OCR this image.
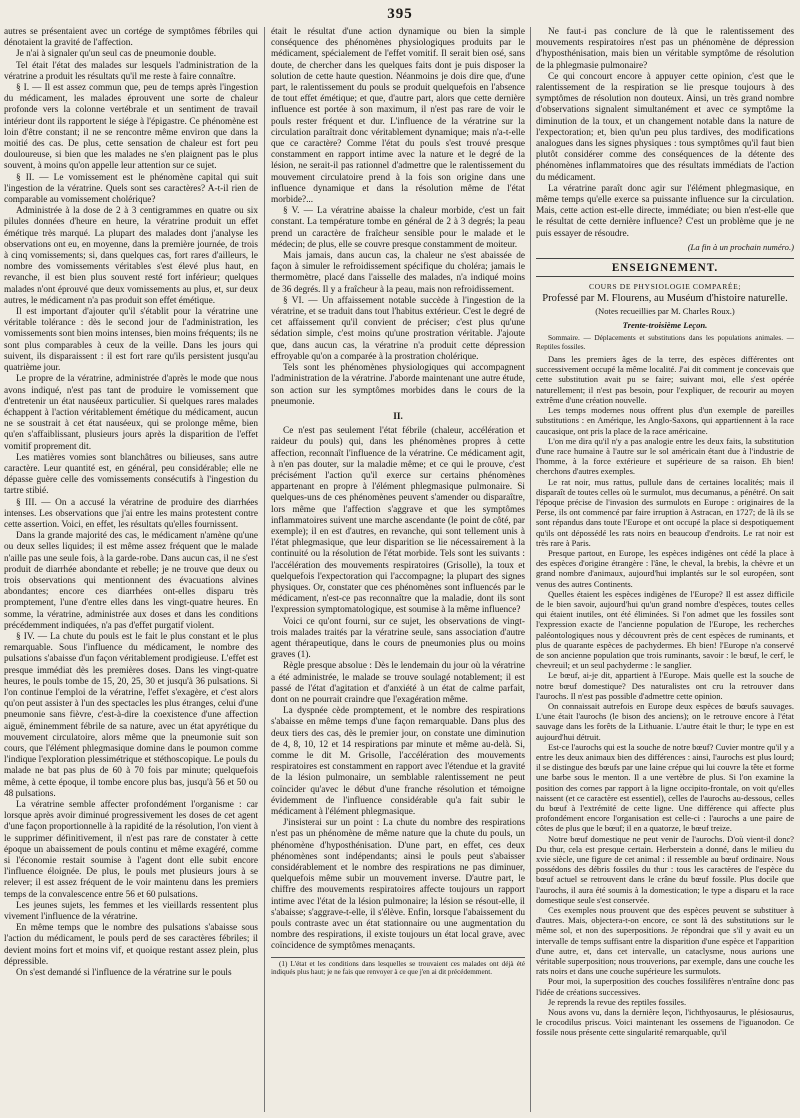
395

autres se présentaient avec un cortége de symptômes fébriles qui dénotaient la gravité de l'affection.

Je n'ai à signaler qu'un seul cas de pneumonie double.

Tel était l'état des malades sur lesquels l'administration de la vératrine a produit les résultats qu'il me reste à faire connaître.

§ I. — Il est assez commun que, peu de temps après l'ingestion du médicament, les malades éprouvent une sorte de chaleur profonde vers la colonne vertébrale et un sentiment de travail intérieur dont ils rapportent le siége à l'épigastre. Ce phénomène est loin d'être constant; il ne se rencontre même environ que dans la moitié des cas. De plus, cette sensation de chaleur est fort peu douloureuse, si bien que les malades ne s'en plaignent pas le plus souvent, à moins qu'on appelle leur attention sur ce sujet.

§ II. — Le vomissement est le phénomène capital qui suit l'ingestion de la vératrine. Quels sont ses caractères? A-t-il rien de comparable au vomissement cholérique?

Administrée à la dose de 2 à 3 centigrammes en quatre ou six pilules données d'heure en heure, la vératrine produit un effet émétique très marqué. La plupart des malades dont j'analyse les observations ont eu, en moyenne, dans la première journée, de trois à cinq vomissements; si, dans quelques cas, fort rares d'ailleurs, le nombre des vomissements véritables s'est élevé plus haut, en revanche, il est bien plus souvent resté fort inférieur; quelques malades n'ont éprouvé que deux vomissements au plus, et, sur deux autres, le médicament n'a pas produit son effet émétique.

Il est important d'ajouter qu'il s'établit pour la vératrine une véritable tolérance : dès le second jour de l'administration, les vomissements sont bien moins intenses, bien moins fréquents; ils ne sont plus comparables à ceux de la veille. Dans les jours qui suivent, ils disparaissent : il est fort rare qu'ils persistent jusqu'au quatrième jour.

Le propre de la vératrine, administrée d'après le mode que nous avons indiqué, n'est pas tant de produire le vomissement que d'entretenir un état nauséeux particulier. Si quelques rares malades échappent à l'action véritablement émétique du médicament, aucun ne se soustrait à cet état nauséeux, qui se prolonge même, bien qu'en s'affaiblissant, plusieurs jours après la disparition de l'effet vomitif proprement dit.

Les matières vomies sont blanchâtres ou bilieuses, sans autre caractère. Leur quantité est, en général, peu considérable; elle ne dépasse guère celle des vomissements consécutifs à l'ingestion du tartre stibié.

§ III. — On a accusé la vératrine de produire des diarrhées intenses. Les observations que j'ai entre les mains protestent contre cette assertion. Voici, en effet, les résultats qu'elles fournissent.

Dans la grande majorité des cas, le médicament n'amène qu'une ou deux selles liquides; il est même assez fréquent que le malade n'aille pas une seule fois, à la garde-robe. Dans aucun cas, il ne s'est produit de diarrhée abondante et rebelle; je ne trouve que deux ou trois observations qui mentionnent des évacuations alvines abondantes; encore ces diarrhées ont-elles disparu très promptement, l'une d'entre elles dans les vingt-quatre heures. En somme, la vératrine, administrée aux doses et dans les conditions précédemment indiquées, n'a pas d'effet purgatif violent.

§ IV. — La chute du pouls est le fait le plus constant et le plus remarquable. Sous l'influence du médicament, le nombre des pulsations s'abaisse d'un façon véritablement prodigieuse. L'effet est presque immédiat dès les premières doses. Dans les vingt-quatre heures, le pouls tombe de 15, 20, 25, 30 et jusqu'à 36 pulsations. Si l'on continue l'emploi de la vératrine, l'effet s'exagère, et c'est alors qu'on peut assister à l'un des spectacles les plus étranges, celui d'une pneumonie sans fièvre, c'est-à-dire la coexistence d'une affection aiguë, éminemment fébrile de sa nature, avec un état apyrétique du mouvement circulatoire, alors même que la pneumonie suit son cours, que l'élément phlegmasique domine dans le poumon comme l'indique l'exploration plessimétrique et stéthoscopique. Le pouls du malade ne bat pas plus de 60 à 70 fois par minute; quelquefois même, à cette époque, il tombe encore plus bas, jusqu'à 56 et 50 ou 48 pulsations.

La vératrine semble affecter profondément l'organisme : car lorsque après avoir diminué progressivement les doses de cet agent d'une façon proportionnelle à la rapidité de la résolution, l'on vient à le supprimer définitivement, il n'est pas rare de constater à cette époque un abaissement de pouls continu et même exagéré, comme si l'économie restait soumise à l'agent dont elle subit encore l'influence éloignée. De plus, le pouls met plusieurs jours à se relever; il est assez fréquent de le voir maintenu dans les premiers temps de la convalescence entre 56 et 60 pulsations.

Les jeunes sujets, les femmes et les vieillards ressentent plus vivement l'influence de la vératrine.

En même temps que le nombre des pulsations s'abaisse sous l'action du médicament, le pouls perd de ses caractères fébriles; il devient moins fort et moins vif, et quoique restant assez plein, plus dépressible.

On s'est demandé si l'influence de la vératrine sur le pouls

était le résultat d'une action dynamique ou bien la simple conséquence des phénomènes physiologiques produits par le médicament, spécialement de l'effet vomitif. Il serait bien osé, sans doute, de chercher dans les quelques faits dont je puis disposer la solution de cette haute question. Néanmoins je dois dire que, d'une part, le ralentissement du pouls se produit quelquefois en l'absence de tout effet émétique; et que, d'autre part, alors que cette dernière influence est portée à son maximum, il n'est pas rare de voir le pouls rester fréquent et dur. L'influence de la vératrine sur la circulation paraîtrait donc véritablement dynamique; mais n'a-t-elle que ce caractère? Comme l'état du pouls s'est trouvé presque constamment en rapport intime avec la nature et le degré de la lésion, ne serait-il pas rationnel d'admettre que le ralentissement du mouvement circulatoire prend à la fois son origine dans une influence dynamique et dans la résolution même de l'état morbide?...

§ V. — La vératrine abaisse la chaleur morbide, c'est un fait constant. La température tombe en général de 2 à 3 degrés; la peau prend un caractère de fraîcheur sensible pour le malade et le médecin; de plus, elle se couvre presque constamment de moiteur.

Mais jamais, dans aucun cas, la chaleur ne s'est abaissée de façon à simuler le refroidissement spécifique du choléra; jamais le thermomètre, placé dans l'aisselle des malades, n'a indiqué moins de 36 degrés. Il y a fraîcheur à la peau, mais non refroidissement.

§ VI. — Un affaissement notable succède à l'ingestion de la vératrine, et se traduit dans tout l'habitus extérieur. C'est le degré de cet affaissement qu'il convient de préciser; c'est plus qu'une sédation simple, c'est moins qu'une prostration véritable. J'ajoute que, dans aucun cas, la vératrine n'a produit cette dépression effroyable qu'on a comparée à la prostration cholérique.

Tels sont les phénomènes physiologiques qui accompagnent l'administration de la vératrine. J'aborde maintenant une autre étude, son action sur les symptômes morbides dans le cours de la pneumonie.

II.

Ce n'est pas seulement l'état fébrile (chaleur, accélération et raideur du pouls) qui, dans les phénomènes propres à cette affection, reconnaît l'influence de la vératrine. Ce médicament agit, à n'en pas douter, sur la maladie même; et ce qui le prouve, c'est précisément l'action qu'il exerce sur certains phénomènes appartenant en propre à l'élément phlegmasique pulmonaire. Si quelques-uns de ces phénomènes peuvent s'amender ou disparaître, lors même que l'affection s'aggrave et que les symptômes inflammatoires suivent une marche ascendante (le point de côté, par exemple); il en est d'autres, en revanche, qui sont tellement unis à l'état phlegmasique, que leur disparition se lie nécessairement à la continuité ou la résolution de l'état morbide. Tels sont les suivants : l'accélération des mouvements respiratoires (Grisolle), la toux et quelquefois l'expectoration qui l'accompagne; la plupart des signes physiques. Or, constater que ces phénomènes sont influencés par le médicament, n'est-ce pas reconnaître que la maladie, dont ils sont l'expression symptomatologique, est soumise à la même influence?

Voici ce qu'ont fourni, sur ce sujet, les observations de vingt-trois malades traités par la vératrine seule, sans association d'autre agent thérapeutique, dans le cours de pneumonies plus ou moins graves (1).

Règle presque absolue : Dès le lendemain du jour où la vératrine a été administrée, le malade se trouve soulagé notablement; il est passé de l'état d'agitation et d'anxiété à un état de calme parfait, dont on ne pourrait craindre que l'exagération même.

La dyspnée cède promptement, et le nombre des respirations s'abaisse en même temps d'une façon remarquable. Dans plus des deux tiers des cas, dès le premier jour, on constate une diminution de 4, 8, 10, 12 et 14 respirations par minute et même au-delà. Si, comme le dit M. Grisolle, l'accélération des mouvements respiratoires est constamment en rapport avec l'étendue et la gravité de la lésion pulmonaire, un semblable ralentissement ne peut coïncider qu'avec le début d'une franche résolution et témoigne évidemment de l'influence considérable qu'a fait subir le médicament à l'élément phlegmasique.

J'insisterai sur un point : La chute du nombre des respirations n'est pas un phénomène de même nature que la chute du pouls, un phénomène d'hyposthénisation. D'une part, en effet, ces deux phénomènes sont indépendants; ainsi le pouls peut s'abaisser considérablement et le nombre des respirations ne pas diminuer, quelquefois même subir un mouvement inverse. D'autre part, le chiffre des mouvements respiratoires affecte toujours un rapport intime avec l'état de la lésion pulmonaire; la lésion se résout-elle, il s'abaisse; s'aggrave-t-elle, il s'élève. Enfin, lorsque l'abaissement du pouls contraste avec un état stationnaire ou une augmentation du nombre des respirations, il existe toujours un état local grave, avec coïncidence de symptômes menaçants.

(1) L'état et les conditions dans lesquelles se trouvaient ces malades ont déjà été indiqués plus haut; je ne fais que renvoyer à ce que j'en ai dit précédemment.

Ne faut-i pas conclure de là que le ralentissement des mouvements respiratoires n'est pas un phénomène de dépression d'hyposthénisation, mais bien un véritable symptôme de résolution de la phlegmasie pulmonaire?

Ce qui concourt encore à appuyer cette opinion, c'est que le ralentissement de la respiration se lie presque toujours à des symptômes de résolution non douteux. Ainsi, un très grand nombre d'observations signalent simultanément et avec ce symptôme la diminution de la toux, et un changement notable dans la nature de l'expectoration; et, bien qu'un peu plus tardives, des modifications analogues dans les signes physiques : tous symptômes qu'il faut bien plutôt considérer comme des conséquences de la détente des phénomènes inflammatoires que des résultats immédiats de l'action du médicament.

La vératrine paraît donc agir sur l'élément phlegmasique, en même temps qu'elle exerce sa puissante influence sur la circulation. Mais, cette action est-elle directe, immédiate; ou bien n'est-elle que le résultat de cette dernière influence? C'est un problème que je ne puis essayer de résoudre.

(La fin à un prochain numéro.)
ENSEIGNEMENT.
COURS DE PHYSIOLOGIE COMPARÉE;
Professé par M. Flourens, au Muséum d'histoire naturelle.
(Notes recueillies par M. Charles Roux.)
Trente-troisième Leçon.

Sommaire. — Déplacements et substitutions dans les populations animales. — Reptiles fossiles.

Dans les premiers âges de la terre, des espèces différentes ont successivement occupé la même localité. J'ai dit comment je concevais que cette substitution avait pu se faire; suivant moi, elle s'est opérée naturellement; il n'est pas besoin, pour l'expliquer, de recourir au moyen extrême d'une création nouvelle.

Les temps modernes nous offrent plus d'un exemple de pareilles substitutions : en Amérique, les Anglo-Saxons, qui appartiennent à la race caucasique, ont pris la place de la race américaine.

L'on me dira qu'il n'y a pas analogie entre les deux faits, la substitution d'une race humaine à l'autre sur le sol américain étant due à l'industrie de l'homme, à la force extérieure et supérieure de sa raison. Eh bien! cherchons d'autres exemples.

Le rat noir, mus rattus, pullule dans de certaines localités; mais il disparaît de toutes celles où le surmulot, mus decumanus, a pénétré. On sait l'époque précise de l'invasion des surmulots en Europe : originaires de la Perse, ils ont commencé par faire irruption à Astracan, en 1727; de là ils se sont répandus dans toute l'Europe et ont occupé la place si despotiquement qu'ils ont dépossédé les rats noirs en beaucoup d'endroits. Le rat noir est très rare à Paris.

Presque partout, en Europe, les espèces indigènes ont cédé la place à des espèces d'origine étrangère : l'âne, le cheval, la brebis, la chèvre et un grand nombre d'animaux, aujourd'hui implantés sur le sol européen, sont venus des autres Continents.

Quelles étaient les espèces indigènes de l'Europe? Il est assez difficile de le bien savoir, aujourd'hui qu'un grand nombre d'espèces, toutes celles qui étaient inutiles, ont été éliminées. Si l'on admet que les fossiles sont l'expression exacte de l'ancienne population de l'Europe, les recherches paléontologiques nous y découvrent près de cent espèces de ruminants, et plus de quarante espèces de pachydermes. Eh bien! l'Europe n'a conservé de son ancienne population que trois ruminants, savoir : le bœuf, le cerf, le chevreuil; et un seul pachyderme : le sanglier.

Le bœuf, ai-je dit, appartient à l'Europe. Mais quelle est la souche de notre bœuf domestique? Des naturalistes ont cru la retrouver dans l'aurochs. Il n'est pas possible d'admettre cette opinion.

On connaissait autrefois en Europe deux espèces de bœufs sauvages. L'une était l'aurochs (le bison des anciens); on le retrouve encore à l'état sauvage dans les forêts de la Lithuanie. L'autre était le thur; le type en est aujourd'hui détruit.

Est-ce l'aurochs qui est la souche de notre bœuf? Cuvier montre qu'il y a entre les deux animaux bien des différences : ainsi, l'aurochs est plus lourd; il se distingue des bœufs par une laine crépue qui lui couvre la tête et forme une barbe sous le menton. Il a une vertèbre de plus. Si l'on examine la position des cornes par rapport à la ligne occipito-frontale, on voit qu'elles naissent (et ce caractère est essentiel), celles de l'aurochs au-dessous, celles du bœuf à l'extrémité de cette ligne. Une différence qui affecte plus profondément encore l'organisation est celle-ci : l'aurochs a une paire de côtes de plus que le bœuf; il en a quatorze, le bœuf treize.

Notre bœuf domestique ne peut venir de l'aurochs. D'où vient-il donc? Du thur, cela est presque certain. Herberstein a donné, dans le milieu du xvie siècle, une figure de cet animal : il ressemble au bœuf ordinaire. Nous possédons des débris fossiles du thur : tous les caractères de l'espèce du bœuf actuel se retrouvent dans le crâne du bœuf fossile. Plus docile que l'aurochs, il aura été soumis à la domestication; le type a disparu et la race domestique seule s'est conservée.

Ces exemples nous prouvent que des espèces peuvent se substituer à d'autres. Mais, objectera-t-on encore, ce sont là des substitutions sur le même sol, et non des superpositions. Je répondrai que s'il y avait eu un intervalle de temps suffisant entre la disparition d'une espèce et l'apparition d'une autre, et, dans cet intervalle, un cataclysme, nous aurions une véritable superposition; nous trouverions, par exemple, dans une couche les rats noirs et dans une couche supérieure les surmulots.

Pour moi, la superposition des couches fossilifères n'entraîne donc pas l'idée de créations successives.

Je reprends la revue des reptiles fossiles.

Nous avons vu, dans la dernière leçon, l'ichthyosaurus, le plésiosaurus, le crocodilus priscus. Voici maintenant les ossemens de l'iguanodon. Ce fossile nous présente cette singularité remarquable, qu'il
